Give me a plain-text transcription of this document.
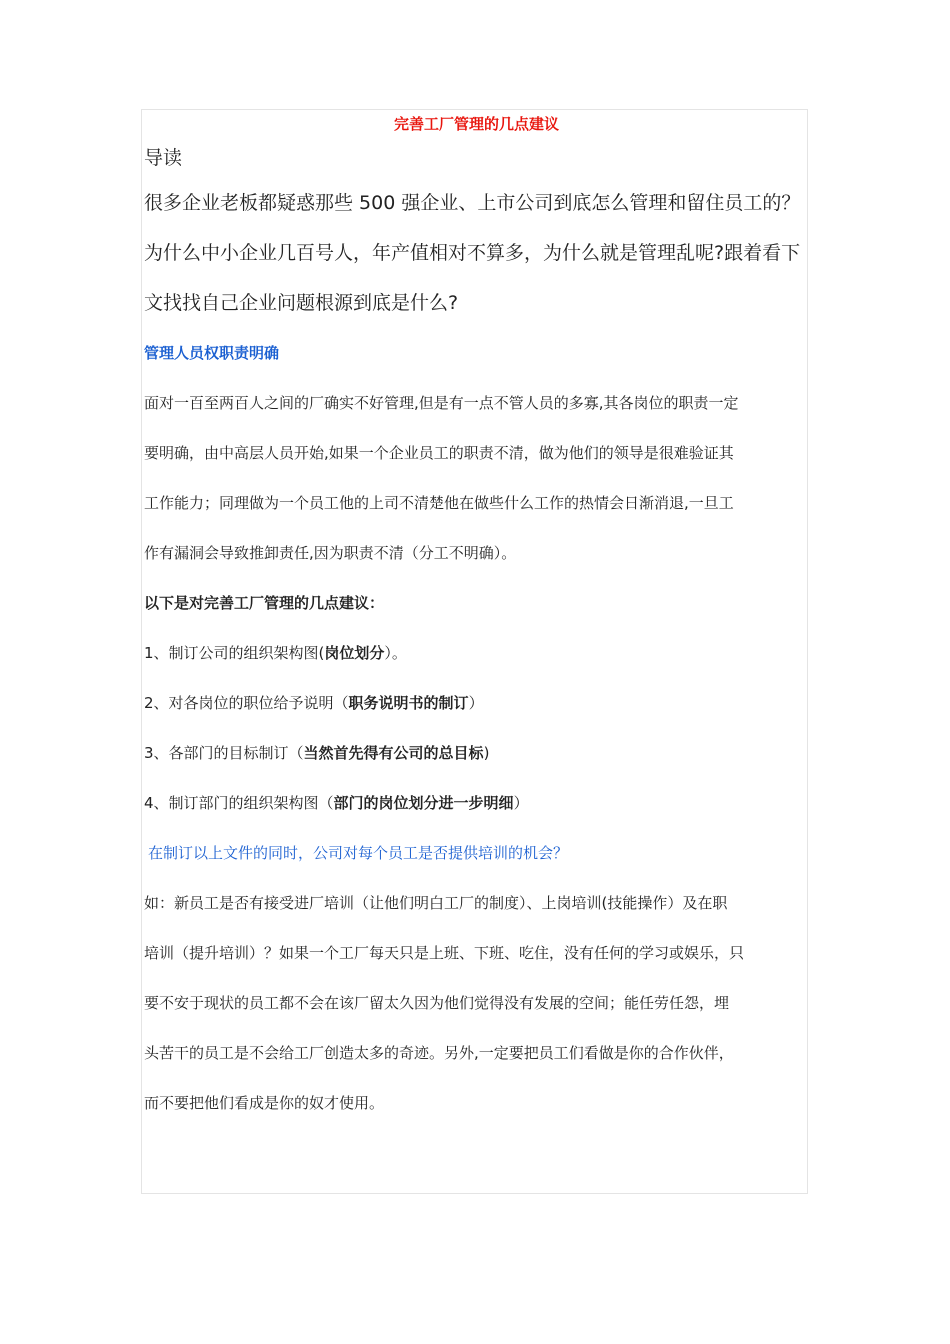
完善工厂管理的几点建议

导读

很多企业老板都疑惑那些 500 强企业、上市公司到底怎么管理和留住员工的？

为什么中小企业几百号人，年产值相对不算多，为什么就是管理乱呢?跟着看下

文找找自己企业问题根源到底是什么?

管理人员权职责明确

面对一百至两百人之间的厂确实不好管理,但是有一点不管人员的多寡,其各岗位的职责一定

要明确，由中高层人员开始,如果一个企业员工的职责不清，做为他们的领导是很难验证其

工作能力；同理做为一个员工他的上司不清楚他在做些什么工作的热情会日渐消退,一旦工

作有漏洞会导致推卸责任,因为职责不清（分工不明确）。

以下是对完善工厂管理的几点建议：

1、制订公司的组织架构图(岗位划分）。

2、对各岗位的职位给予说明（职务说明书的制订）

3、各部门的目标制订（当然首先得有公司的总目标)

4、制订部门的组织架构图（部门的岗位划分进一步明细）

在制订以上文件的同时，公司对每个员工是否提供培训的机会？

如：新员工是否有接受进厂培训（让他们明白工厂的制度）、上岗培训(技能操作）及在职

培训（提升培训）？如果一个工厂每天只是上班、下班、吃住，没有任何的学习或娱乐，只

要不安于现状的员工都不会在该厂留太久因为他们觉得没有发展的空间；能任劳任怨，埋

头苦干的员工是不会给工厂创造太多的奇迹。另外,一定要把员工们看做是你的合作伙伴，

而不要把他们看成是你的奴才使用。
